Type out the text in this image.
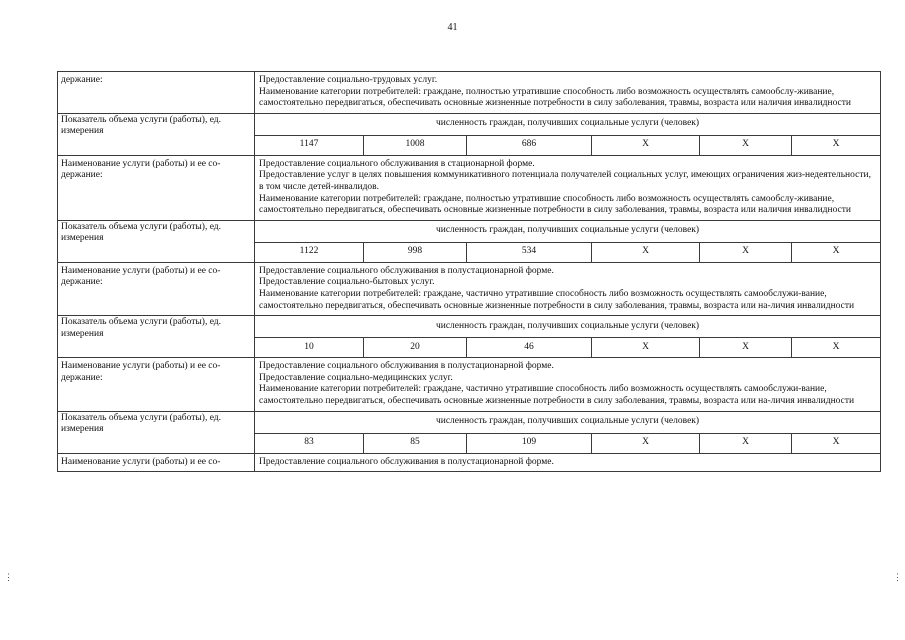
41
⋮	⋮
держание:	Предоставление социально-трудовых услуг.

Наименование категории потребителей: граждане, полностью утратившие способность либо возможность осуществлять самообслу-живание, самостоятельно передвигаться, обеспечивать основные жизненные потребности в силу заболевания, травмы, возраста или наличия инвалидности					

Показатель объема услуги (работы), ед. измерения	численность граждан, получивших социальные услуги (человек)					
	1147	1008	686	Х	Х	Х
Наименование услуги (работы) и ее со-держание:	Предоставление социального обслуживания в стационарной форме.

Предоставление услуг в целях повышения коммуникативного потенциала получателей социальных услуг, имеющих ограничения жиз-недеятельности, в том числе детей-инвалидов.

Наименование категории потребителей: граждане, полностью утратившие способность либо возможность осуществлять самообслу-живание, самостоятельно передвигаться, обеспечивать основные жизненные потребности в силу заболевания, травмы, возраста или наличия инвалидности					

Показатель объема услуги (работы), ед. измерения	численность граждан, получивших социальные услуги (человек)					
	1122	998	534	Х	Х	Х
Наименование услуги (работы) и ее со-держание:	Предоставление социального обслуживания в полустационарной форме.

Предоставление социально-бытовых услуг.

Наименование категории потребителей: граждане, частично утратившие способность либо возможность осуществлять самообслужи-вание, самостоятельно передвигаться, обеспечивать основные жизненные потребности в силу заболевания, травмы, возраста или на-личия инвалидности					

Показатель объема услуги (работы), ед. измерения	численность граждан, получивших социальные услуги (человек)					
	10	20	46	Х	Х	Х
Наименование услуги (работы) и ее со-держание:	Предоставление социального обслуживания в полустационарной форме.

Предоставление социально-медицинских услуг.

Наименование категории потребителей: граждане, частично утратившие способность либо возможность осуществлять самообслужи-вание, самостоятельно передвигаться, обеспечивать основные жизненные потребности в силу заболевания, травмы, возраста или на-личия инвалидности					

Показатель объема услуги (работы), ед. измерения	численность граждан, получивших социальные услуги (человек)					
	83	85	109	Х	Х	Х
Наименование услуги (работы) и ее со-	Предоставление социального обслуживания в полустационарной форме.					
